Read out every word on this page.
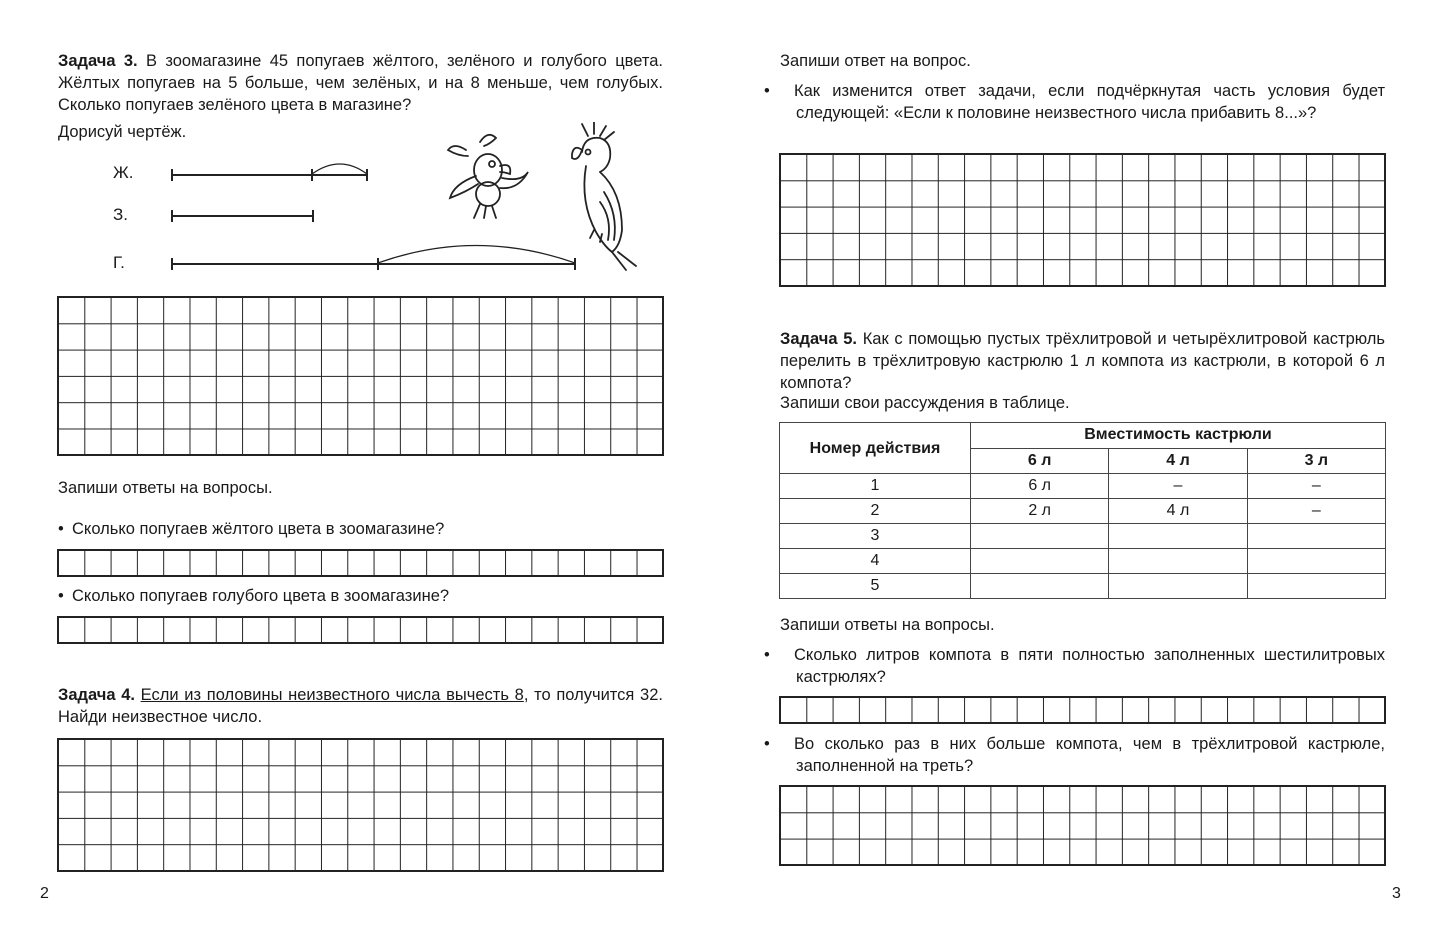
Задача 3. В зоомагазине 45 попугаев жёлтого, зелёного и голубого цвета. Жёлтых попугаев на 5 больше, чем зелёных, и на 8 меньше, чем голубых. Сколько попугаев зелёного цвета в магазине?

Дорисуй чертёж.

Ж.
З.
Г.

Запиши ответы на вопросы.

• Сколько попугаев жёлтого цвета в зоомагазине?

• Сколько попугаев голубого цвета в зоомагазине?

Задача 4. Если из половины неизвестного числа вычесть 8, то получится 32. Найди неизвестное число.

2

Запиши ответ на вопрос.

• Как изменится ответ задачи, если подчёркнутая часть условия будет следующей: «Если к половине неизвестного числа прибавить 8...»?

Задача 5. Как с помощью пустых трёхлитровой и четырёхлитровой кастрюль перелить в трёхлитровую кастрюлю 1 л компота из кастрюли, в которой 6 л компота?

Запиши свои рассуждения в таблице.

Номер действия	Вместимость кастрюли		
	6 л	4 л	3 л
1	6 л	–	–
2	2 л	4 л	–
3			
4			
5			

Запиши ответы на вопросы.

• Сколько литров компота в пяти полностью заполненных шестилитровых кастрюлях?

• Во сколько раз в них больше компота, чем в трёхлитровой кастрюле, заполненной на треть?

3
